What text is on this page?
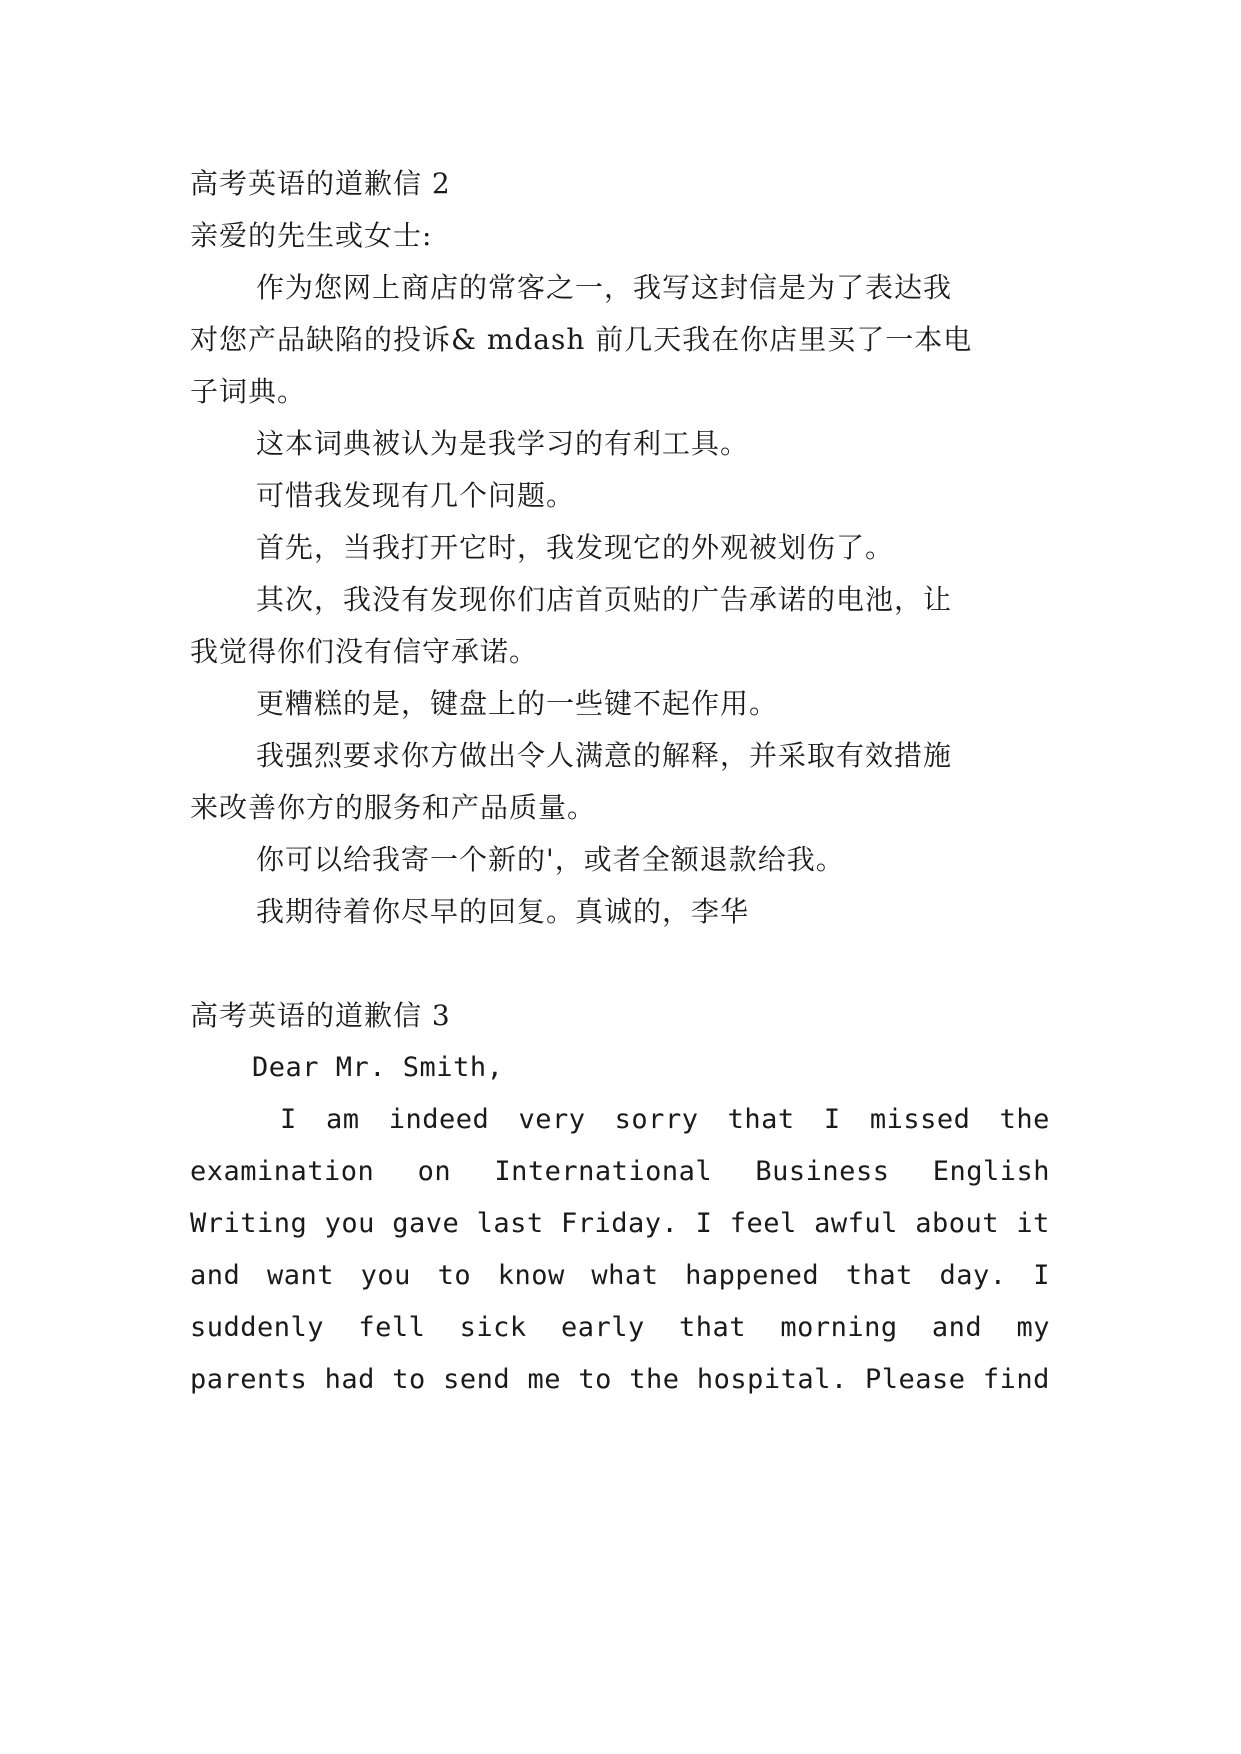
高考英语的道歉信 2
亲爱的先生或女士:
作为您网上商店的常客之一，我写这封信是为了表达我
对您产品缺陷的投诉& mdash 前几天我在你店里买了一本电
子词典。
这本词典被认为是我学习的有利工具。
可惜我发现有几个问题。
首先，当我打开它时，我发现它的外观被划伤了。
其次，我没有发现你们店首页贴的广告承诺的电池，让
我觉得你们没有信守承诺。
更糟糕的是，键盘上的一些键不起作用。
我强烈要求你方做出令人满意的解释，并采取有效措施
来改善你方的服务和产品质量。
你可以给我寄一个新的'，或者全额退款给我。
我期待着你尽早的回复。真诚的，李华
高考英语的道歉信 3
Dear Mr. Smith,
I am indeed very sorry that I missed the
examination on International Business English
Writing you gave last Friday. I feel awful about it
and want you to know what happened that day. I
suddenly fell sick early that morning and my
parents had to send me to the hospital. Please find
